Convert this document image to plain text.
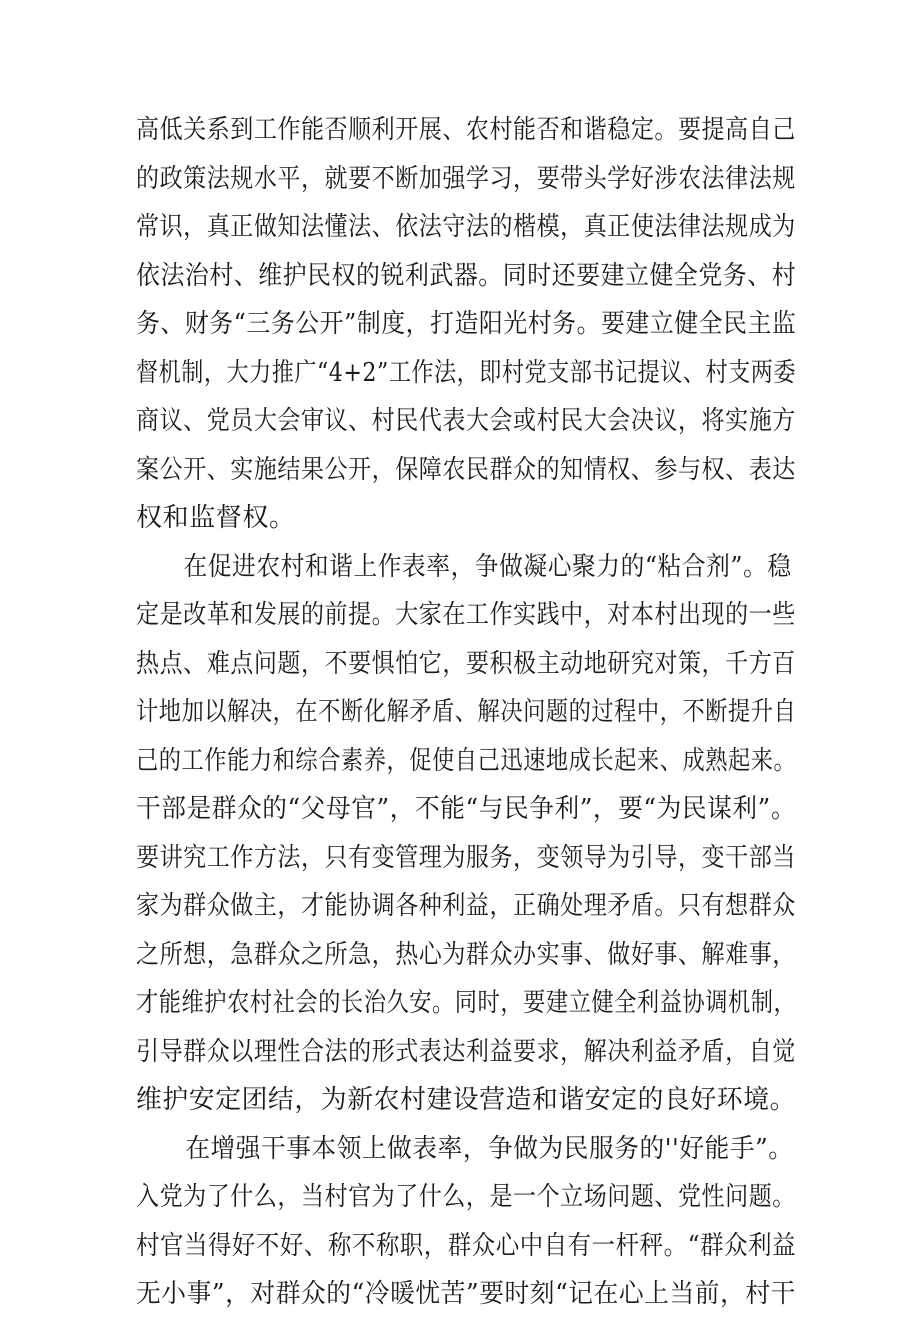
高低关系到工作能否顺利开展、农村能否和谐稳定。要提高自己
的政策法规水平，就要不断加强学习，要带头学好涉农法律法规
常识，真正做知法懂法、依法守法的楷模，真正使法律法规成为
依法治村、维护民权的锐利武器。同时还要建立健全党务、村
务、财务“三务公开”制度，打造阳光村务。要建立健全民主监
督机制，大力推广“4+2”工作法，即村党支部书记提议、村支两委
商议、党员大会审议、村民代表大会或村民大会决议，将实施方
案公开、实施结果公开，保障农民群众的知情权、参与权、表达
权和监督权。
在促进农村和谐上作表率，争做凝心聚力的“粘合剂”。稳
定是改革和发展的前提。大家在工作实践中，对本村出现的一些
热点、难点问题，不要惧怕它，要积极主动地研究对策，千方百
计地加以解决，在不断化解矛盾、解决问题的过程中，不断提升自
己的工作能力和综合素养，促使自己迅速地成长起来、成熟起来。
干部是群众的“父母官”，不能“与民争利”，要“为民谋利”。
要讲究工作方法，只有变管理为服务，变领导为引导，变干部当
家为群众做主，才能协调各种利益，正确处理矛盾。只有想群众
之所想，急群众之所急，热心为群众办实事、做好事、解难事，
才能维护农村社会的长治久安。同时，要建立健全利益协调机制，
引导群众以理性合法的形式表达利益要求，解决利益矛盾，自觉
维护安定团结，为新农村建设营造和谐安定的良好环境。
在增强干事本领上做表率，争做为民服务的''好能手”。
入党为了什么，当村官为了什么，是一个立场问题、党性问题。
村官当得好不好、称不称职，群众心中自有一杆秤。“群众利益
无小事”，对群众的“冷暖忧苦”要时刻“记在心上当前，村干
